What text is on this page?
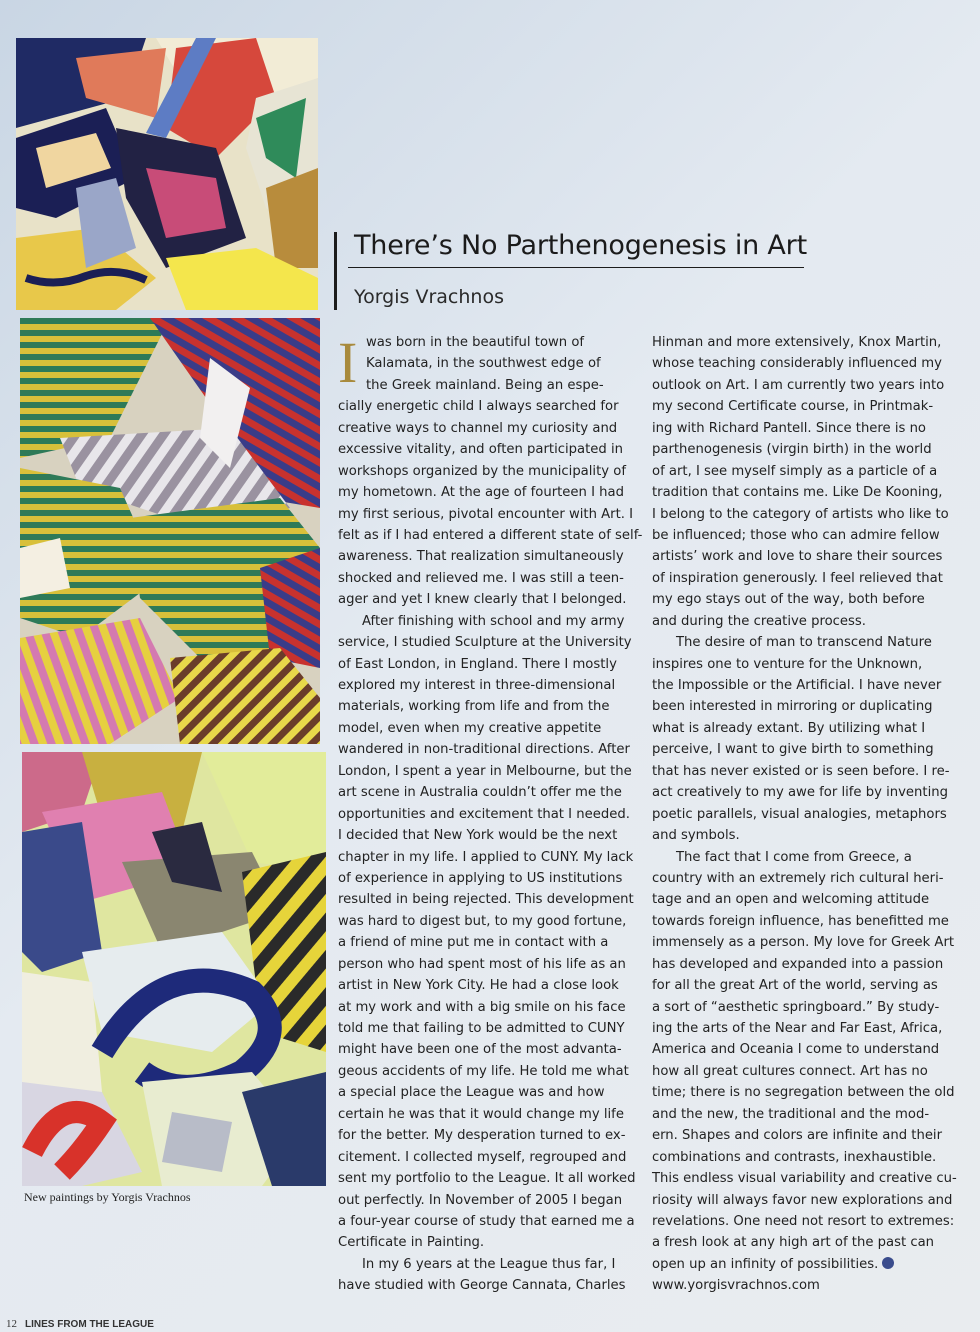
New paintings by Yorgis Vrachnos
There’s No Parthenogenesis in Art
Yorgis Vrachnos
I was born in the beautiful town of
Kalamata, in the southwest edge of
the Greek mainland. Being an espe-
cially energetic child I always searched for
creative ways to channel my curiosity and
excessive vitality, and often participated in
workshops organized by the municipality of
my hometown. At the age of fourteen I had
my first serious, pivotal encounter with Art. I
felt as if I had entered a different state of self-
awareness. That realization simultaneously
shocked and relieved me. I was still a teen-
ager and yet I knew clearly that I belonged.
After finishing with school and my army
service, I studied Sculpture at the University
of East London, in England. There I mostly
explored my interest in three-dimensional
materials, working from life and from the
model, even when my creative appetite
wandered in non-traditional directions. After
London, I spent a year in Melbourne, but the
art scene in Australia couldn’t offer me the
opportunities and excitement that I needed.
I decided that New York would be the next
chapter in my life. I applied to CUNY. My lack
of experience in applying to US institutions
resulted in being rejected. This development
was hard to digest but, to my good fortune,
a friend of mine put me in contact with a
person who had spent most of his life as an
artist in New York City. He had a close look
at my work and with a big smile on his face
told me that failing to be admitted to CUNY
might have been one of the most advanta-
geous accidents of my life. He told me what
a special place the League was and how
certain he was that it would change my life
for the better. My desperation turned to ex-
citement. I collected myself, regrouped and
sent my portfolio to the League. It all worked
out perfectly. In November of 2005 I began
a four-year course of study that earned me a
Certificate in Painting.
In my 6 years at the League thus far, I
have studied with George Cannata, Charles
Hinman and more extensively, Knox Martin,
whose teaching considerably influenced my
outlook on Art. I am currently two years into
my second Certificate course, in Printmak-
ing with Richard Pantell. Since there is no
parthenogenesis (virgin birth) in the world
of art, I see myself simply as a particle of a
tradition that contains me. Like De Kooning,
I belong to the category of artists who like to
be influenced; those who can admire fellow
artists’ work and love to share their sources
of inspiration generously. I feel relieved that
my ego stays out of the way, both before
and during the creative process.
The desire of man to transcend Nature
inspires one to venture for the Unknown,
the Impossible or the Artificial. I have never
been interested in mirroring or duplicating
what is already extant. By utilizing what I
perceive, I want to give birth to something
that has never existed or is seen before. I re-
act creatively to my awe for life by inventing
poetic parallels, visual analogies, metaphors
and symbols.
The fact that I come from Greece, a
country with an extremely rich cultural heri-
tage and an open and welcoming attitude
towards foreign influence, has benefitted me
immensely as a person. My love for Greek Art
has developed and expanded into a passion
for all the great Art of the world, serving as
a sort of “aesthetic springboard.” By study-
ing the arts of the Near and Far East, Africa,
America and Oceania I come to understand
how all great cultures connect. Art has no
time; there is no segregation between the old
and the new, the traditional and the mod-
ern. Shapes and colors are infinite and their
combinations and contrasts, inexhaustible.
This endless visual variability and creative cu-
riosity will always favor new explorations and
revelations. One need not resort to extremes:
a fresh look at any high art of the past can
open up an infinity of possibilities.
www.yorgisvrachnos.com
12 LINES FROM THE LEAGUE
